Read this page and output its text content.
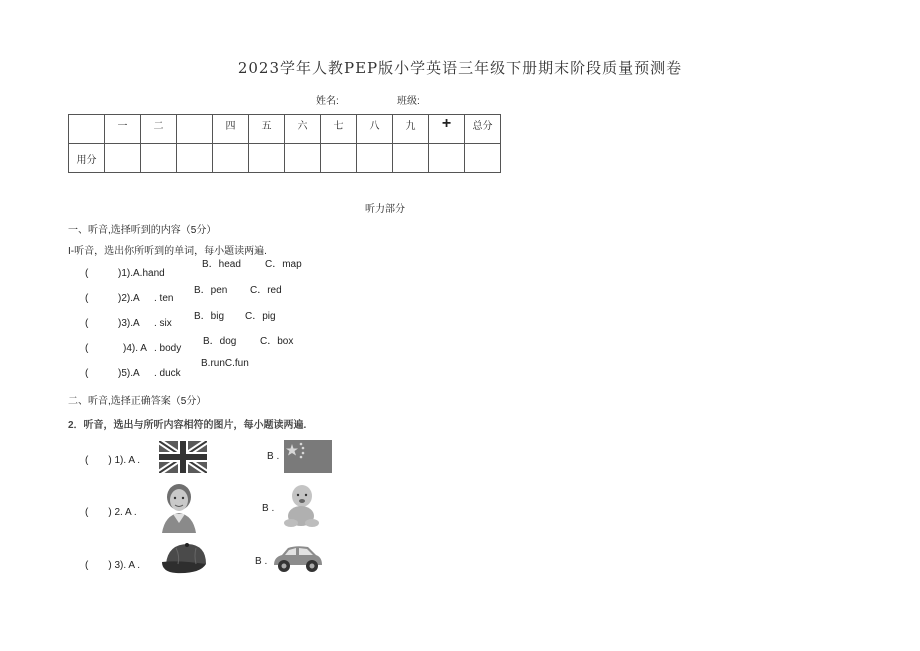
2023学年人教PEP版小学英语三年级下册期末阶段质量预测卷
姓名:	班级:
	一	二		四	五	六	七	八	九	+	总分
用分											
听力部分
一、听音,选择听到的内容（5分）
I-听音，选出你所听到的单词，每小题读两遍.
(	)1).A.hand
B．head C．map
(	)2).A . ten
B．pen C．red
(	)3).A . six
B．big C．pig
(	)4). A . body
B．dog C．box
(	)5).A . duck
B.runC.fun
二、听音,选择正确答案（5分）
2．听音，选出与所听内容相符的图片，每小题读两遍.
(　　) 1). A .	B .
(　　) 2. A .	B .
(　　) 3). A .	B .
